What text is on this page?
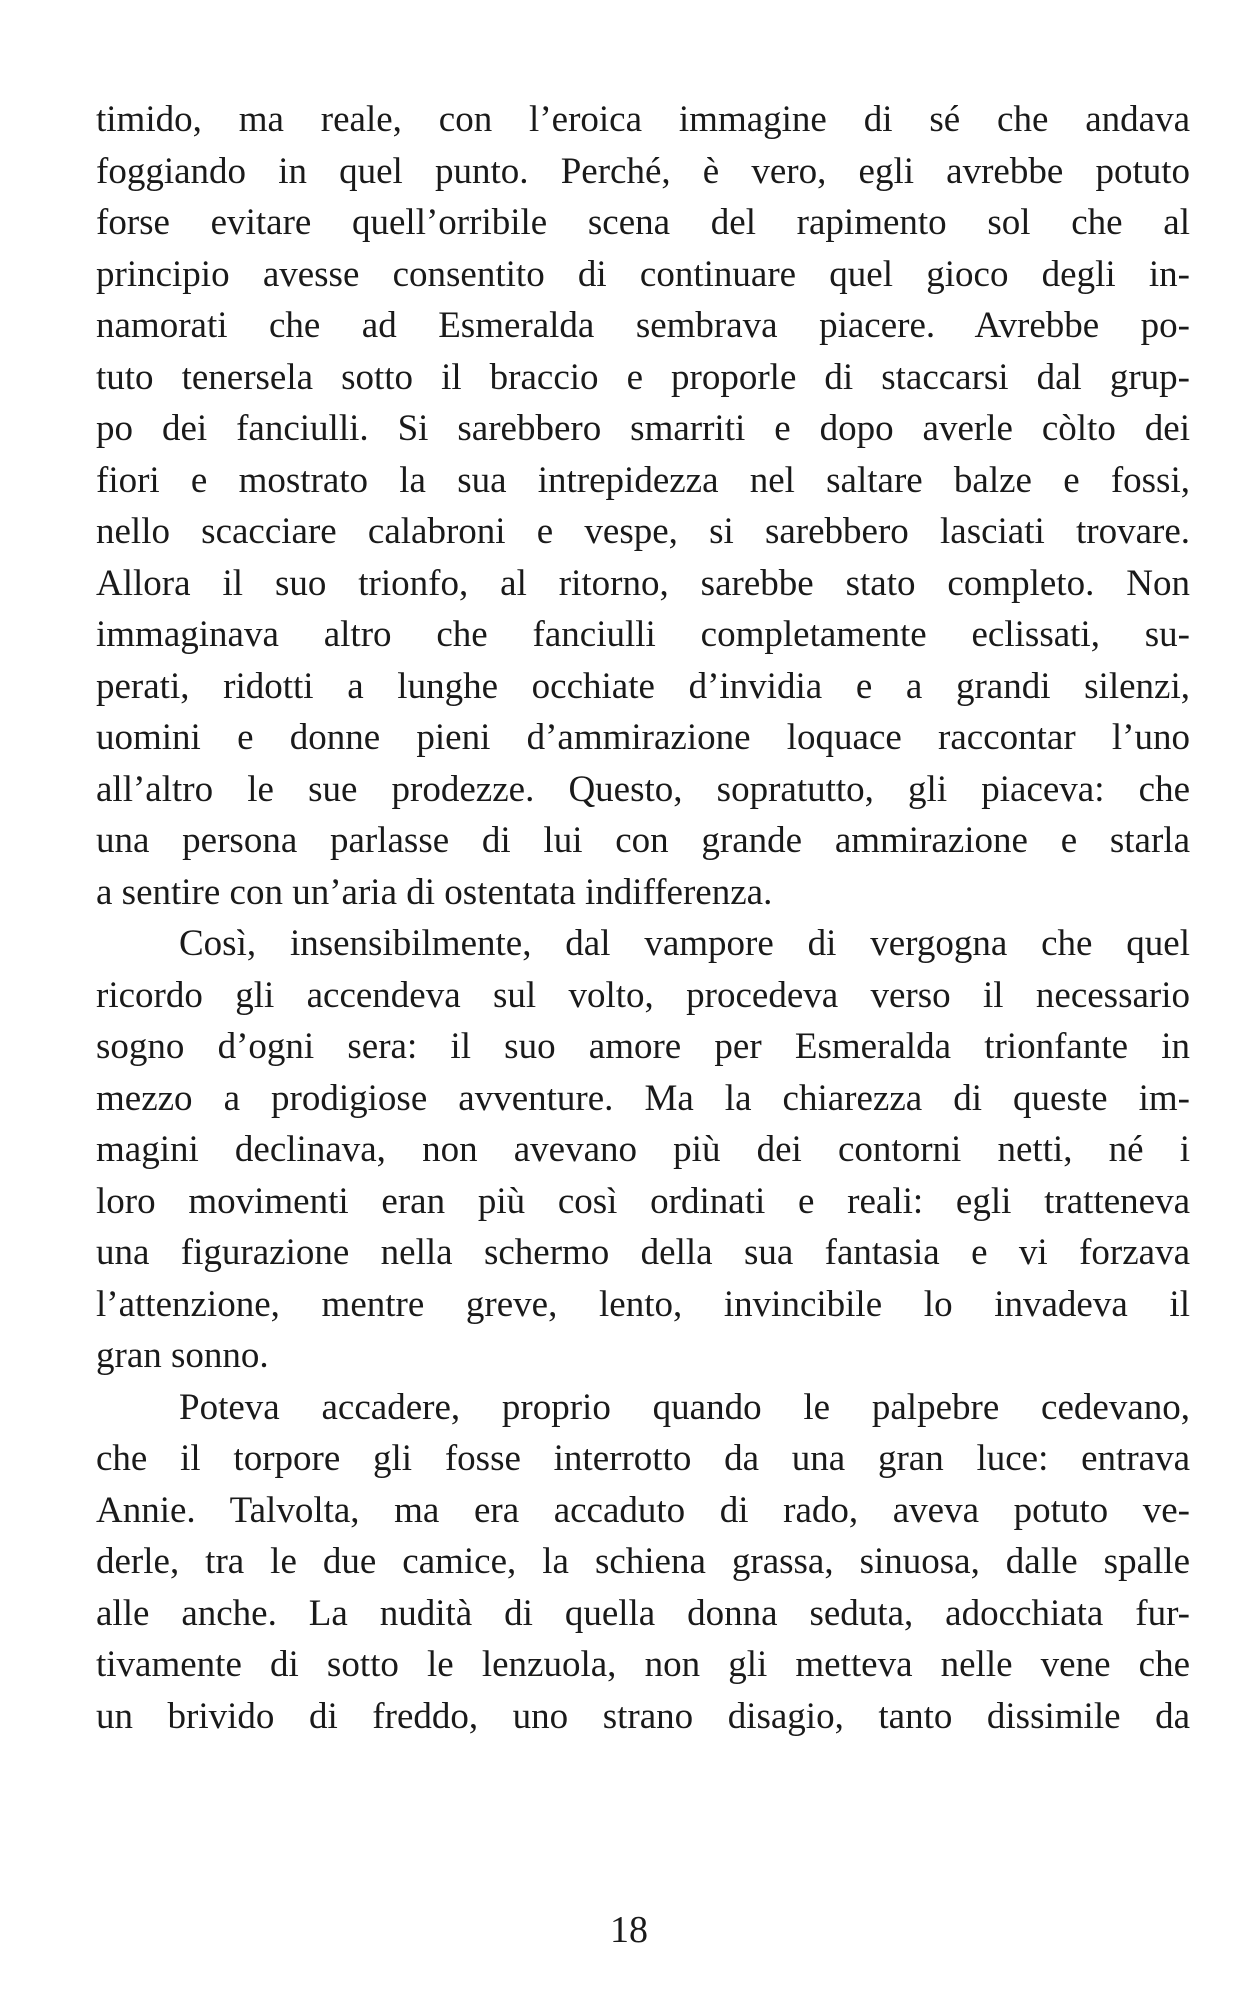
timido, ma reale, con l’eroica immagine di sé che andava
foggiando in quel punto. Perché, è vero, egli avrebbe potuto
forse evitare quell’orribile scena del rapimento sol che al
principio avesse consentito di continuare quel gioco degli in-
namorati che ad Esmeralda sembrava piacere. Avrebbe po-
tuto tenersela sotto il braccio e proporle di staccarsi dal grup-
po dei fanciulli. Si sarebbero smarriti e dopo averle còlto dei
fiori e mostrato la sua intrepidezza nel saltare balze e fossi,
nello scacciare calabroni e vespe, si sarebbero lasciati trovare.
Allora il suo trionfo, al ritorno, sarebbe stato completo. Non
immaginava altro che fanciulli completamente eclissati, su-
perati, ridotti a lunghe occhiate d’invidia e a grandi silenzi,
uomini e donne pieni d’ammirazione loquace raccontar l’uno
all’altro le sue prodezze. Questo, sopratutto, gli piaceva: che
una persona parlasse di lui con grande ammirazione e starla
a sentire con un’aria di ostentata indifferenza.
Così, insensibilmente, dal vampore di vergogna che quel
ricordo gli accendeva sul volto, procedeva verso il necessario
sogno d’ogni sera: il suo amore per Esmeralda trionfante in
mezzo a prodigiose avventure. Ma la chiarezza di queste im-
magini declinava, non avevano più dei contorni netti, né i
loro movimenti eran più così ordinati e reali: egli tratteneva
una figurazione nella schermo della sua fantasia e vi forzava
l’attenzione, mentre greve, lento, invincibile lo invadeva il
gran sonno.
Poteva accadere, proprio quando le palpebre cedevano,
che il torpore gli fosse interrotto da una gran luce: entrava
Annie. Talvolta, ma era accaduto di rado, aveva potuto ve-
derle, tra le due camice, la schiena grassa, sinuosa, dalle spalle
alle anche. La nudità di quella donna seduta, adocchiata fur-
tivamente di sotto le lenzuola, non gli metteva nelle vene che
un brivido di freddo, uno strano disagio, tanto dissimile da
18
